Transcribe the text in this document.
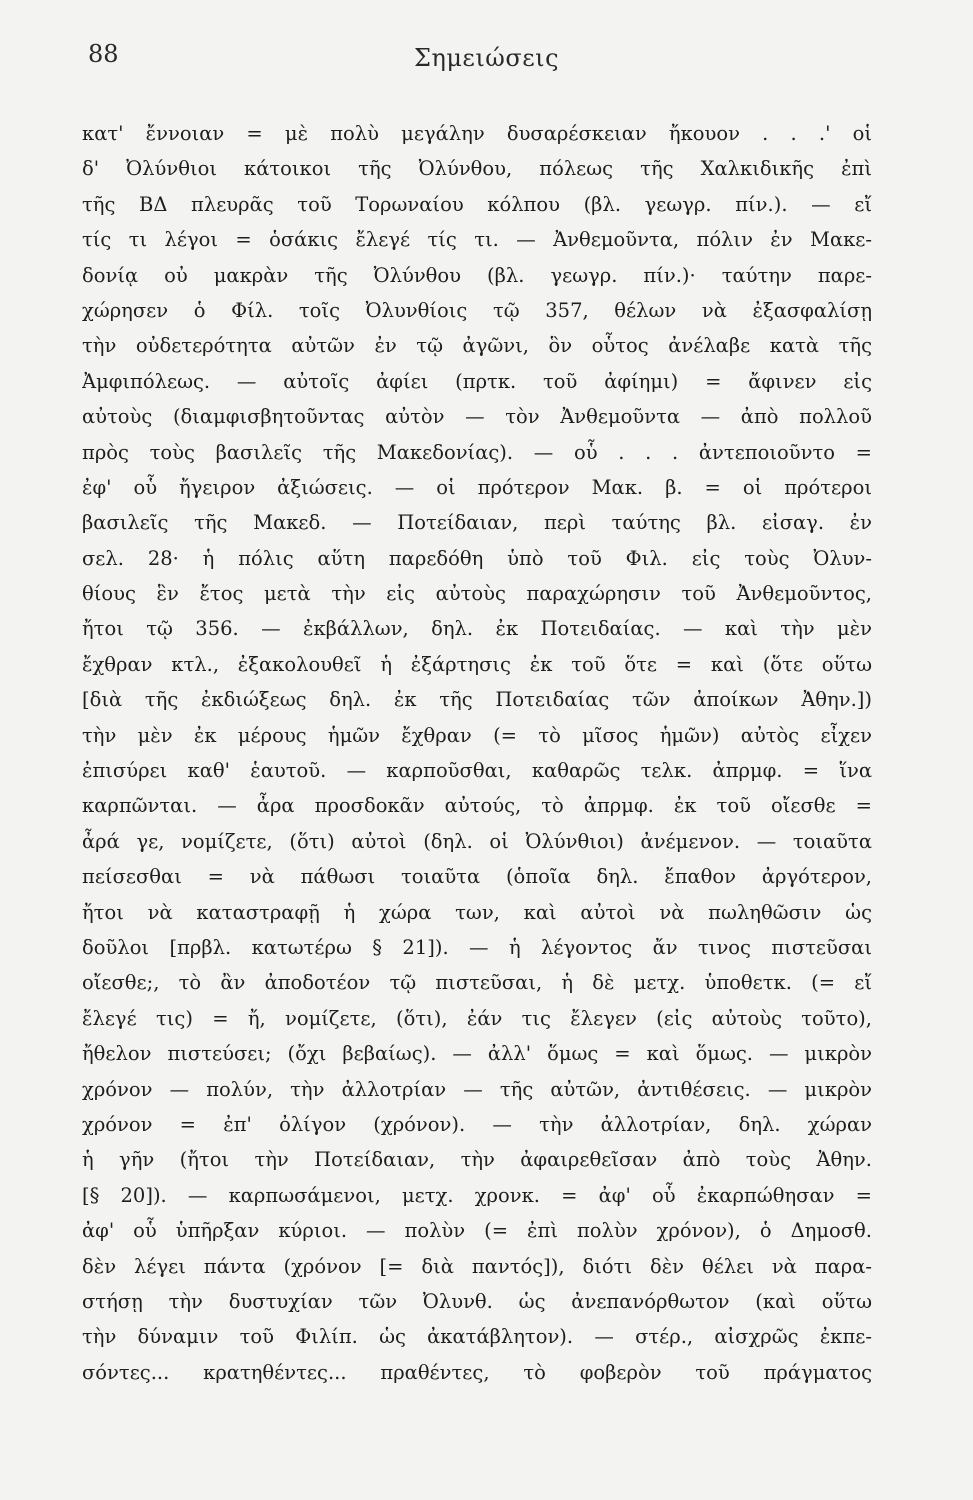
88	Σημειώσεις
κατ' ἔννοιαν = μὲ πολὺ μεγάλην δυσαρέσκειαν ἤκουον . . .' οἱ
δ' Ὀλύνθιοι κάτοικοι τῆς Ὀλύνθου, πόλεως τῆς Χαλκιδικῆς ἐπὶ
τῆς ΒΔ πλευρᾶς τοῦ Τορωναίου κόλπου (βλ. γεωγρ. πίν.). — εἴ
τίς τι λέγοι = ὁσάκις ἔλεγέ τίς τι. — Ἀνθεμοῦντα, πόλιν ἐν Μακε-
δονίᾳ οὐ μακρὰν τῆς Ὀλύνθου (βλ. γεωγρ. πίν.)· ταύτην παρε-
χώρησεν ὁ Φίλ. τοῖς Ὀλυνθίοις τῷ 357, θέλων νὰ ἐξασφαλίσῃ
τὴν οὐδετερότητα αὐτῶν ἐν τῷ ἀγῶνι, ὃν οὗτος ἀνέλαβε κατὰ τῆς
Ἀμφιπόλεως. — αὐτοῖς ἀφίει (πρτκ. τοῦ ἀφίημι) = ἄφινεν εἰς
αὐτοὺς (διαμφισβητοῦντας αὐτὸν — τὸν Ἀνθεμοῦντα — ἀπὸ πολλοῦ
πρὸς τοὺς βασιλεῖς τῆς Μακεδονίας). — οὗ . . . ἀντεποιοῦντο =
ἐφ' οὗ ἤγειρον ἀξιώσεις. — οἱ πρότερον Μακ. β. = οἱ πρότεροι
βασιλεῖς τῆς Μακεδ. — Ποτείδαιαν, περὶ ταύτης βλ. εἰσαγ. ἐν
σελ. 28· ἡ πόλις αὕτη παρεδόθη ὑπὸ τοῦ Φιλ. εἰς τοὺς Ὀλυν-
θίους ἓν ἔτος μετὰ τὴν εἰς αὐτοὺς παραχώρησιν τοῦ Ἀνθεμοῦντος,
ἤτοι τῷ 356. — ἐκβάλλων, δηλ. ἐκ Ποτειδαίας. — καὶ τὴν μὲν
ἔχθραν κτλ., ἐξακολουθεῖ ἡ ἐξάρτησις ἐκ τοῦ ὅτε = καὶ (ὅτε οὕτω
[διὰ τῆς ἐκδιώξεως δηλ. ἐκ τῆς Ποτειδαίας τῶν ἀποίκων Ἀθην.])
τὴν μὲν ἐκ μέρους ἡμῶν ἔχθραν (= τὸ μῖσος ἡμῶν) αὐτὸς εἶχεν
ἐπισύρει καθ' ἑαυτοῦ. — καρποῦσθαι, καθαρῶς τελκ. ἀπρμφ. = ἵνα
καρπῶνται. — ἆρα προσδοκᾶν αὐτούς, τὸ ἀπρμφ. ἐκ τοῦ οἴεσθε =
ἆρά γε, νομίζετε, (ὅτι) αὐτοὶ (δηλ. οἱ Ὀλύνθιοι) ἀνέμενον. — τοιαῦτα
πείσεσθαι = νὰ πάθωσι τοιαῦτα (ὁποῖα δηλ. ἔπαθον ἀργότερον,
ἤτοι νὰ καταστραφῇ ἡ χώρα των, καὶ αὐτοὶ νὰ πωληθῶσιν ὡς
δοῦλοι [πρβλ. κατωτέρω § 21]). — ἡ λέγοντος ἄν τινος πιστεῦσαι
οἴεσθε;, τὸ ἂν ἀποδοτέον τῷ πιστεῦσαι, ἡ δὲ μετχ. ὑποθετκ. (= εἴ
ἔλεγέ τις) = ἤ, νομίζετε, (ὅτι), ἐάν τις ἔλεγεν (εἰς αὐτοὺς τοῦτο),
ἤθελον πιστεύσει; (ὄχι βεβαίως). — ἀλλ' ὅμως = καὶ ὅμως. — μικρὸν
χρόνον — πολύν, τὴν ἀλλοτρίαν — τῆς αὐτῶν, ἀντιθέσεις. — μικρὸν
χρόνον = ἐπ' ὀλίγον (χρόνον). — τὴν ἀλλοτρίαν, δηλ. χώραν
ἡ γῆν (ἤτοι τὴν Ποτείδαιαν, τὴν ἀφαιρεθεῖσαν ἀπὸ τοὺς Ἀθην.
[§ 20]). — καρπωσάμενοι, μετχ. χρονκ. = ἀφ' οὗ ἐκαρπώθησαν =
ἀφ' οὗ ὑπῆρξαν κύριοι. — πολὺν (= ἐπὶ πολὺν χρόνον), ὁ Δημοσθ.
δὲν λέγει πάντα (χρόνον [= διὰ παντός]), διότι δὲν θέλει νὰ παρα-
στήσῃ τὴν δυστυχίαν τῶν Ὀλυνθ. ὡς ἀνεπανόρθωτον (καὶ οὕτω
τὴν δύναμιν τοῦ Φιλίπ. ὡς ἀκατάβλητον). — στέρ., αἰσχρῶς ἐκπε-
σόντες... κρατηθέντες... πραθέντες, τὸ φοβερὸν τοῦ πράγματος
